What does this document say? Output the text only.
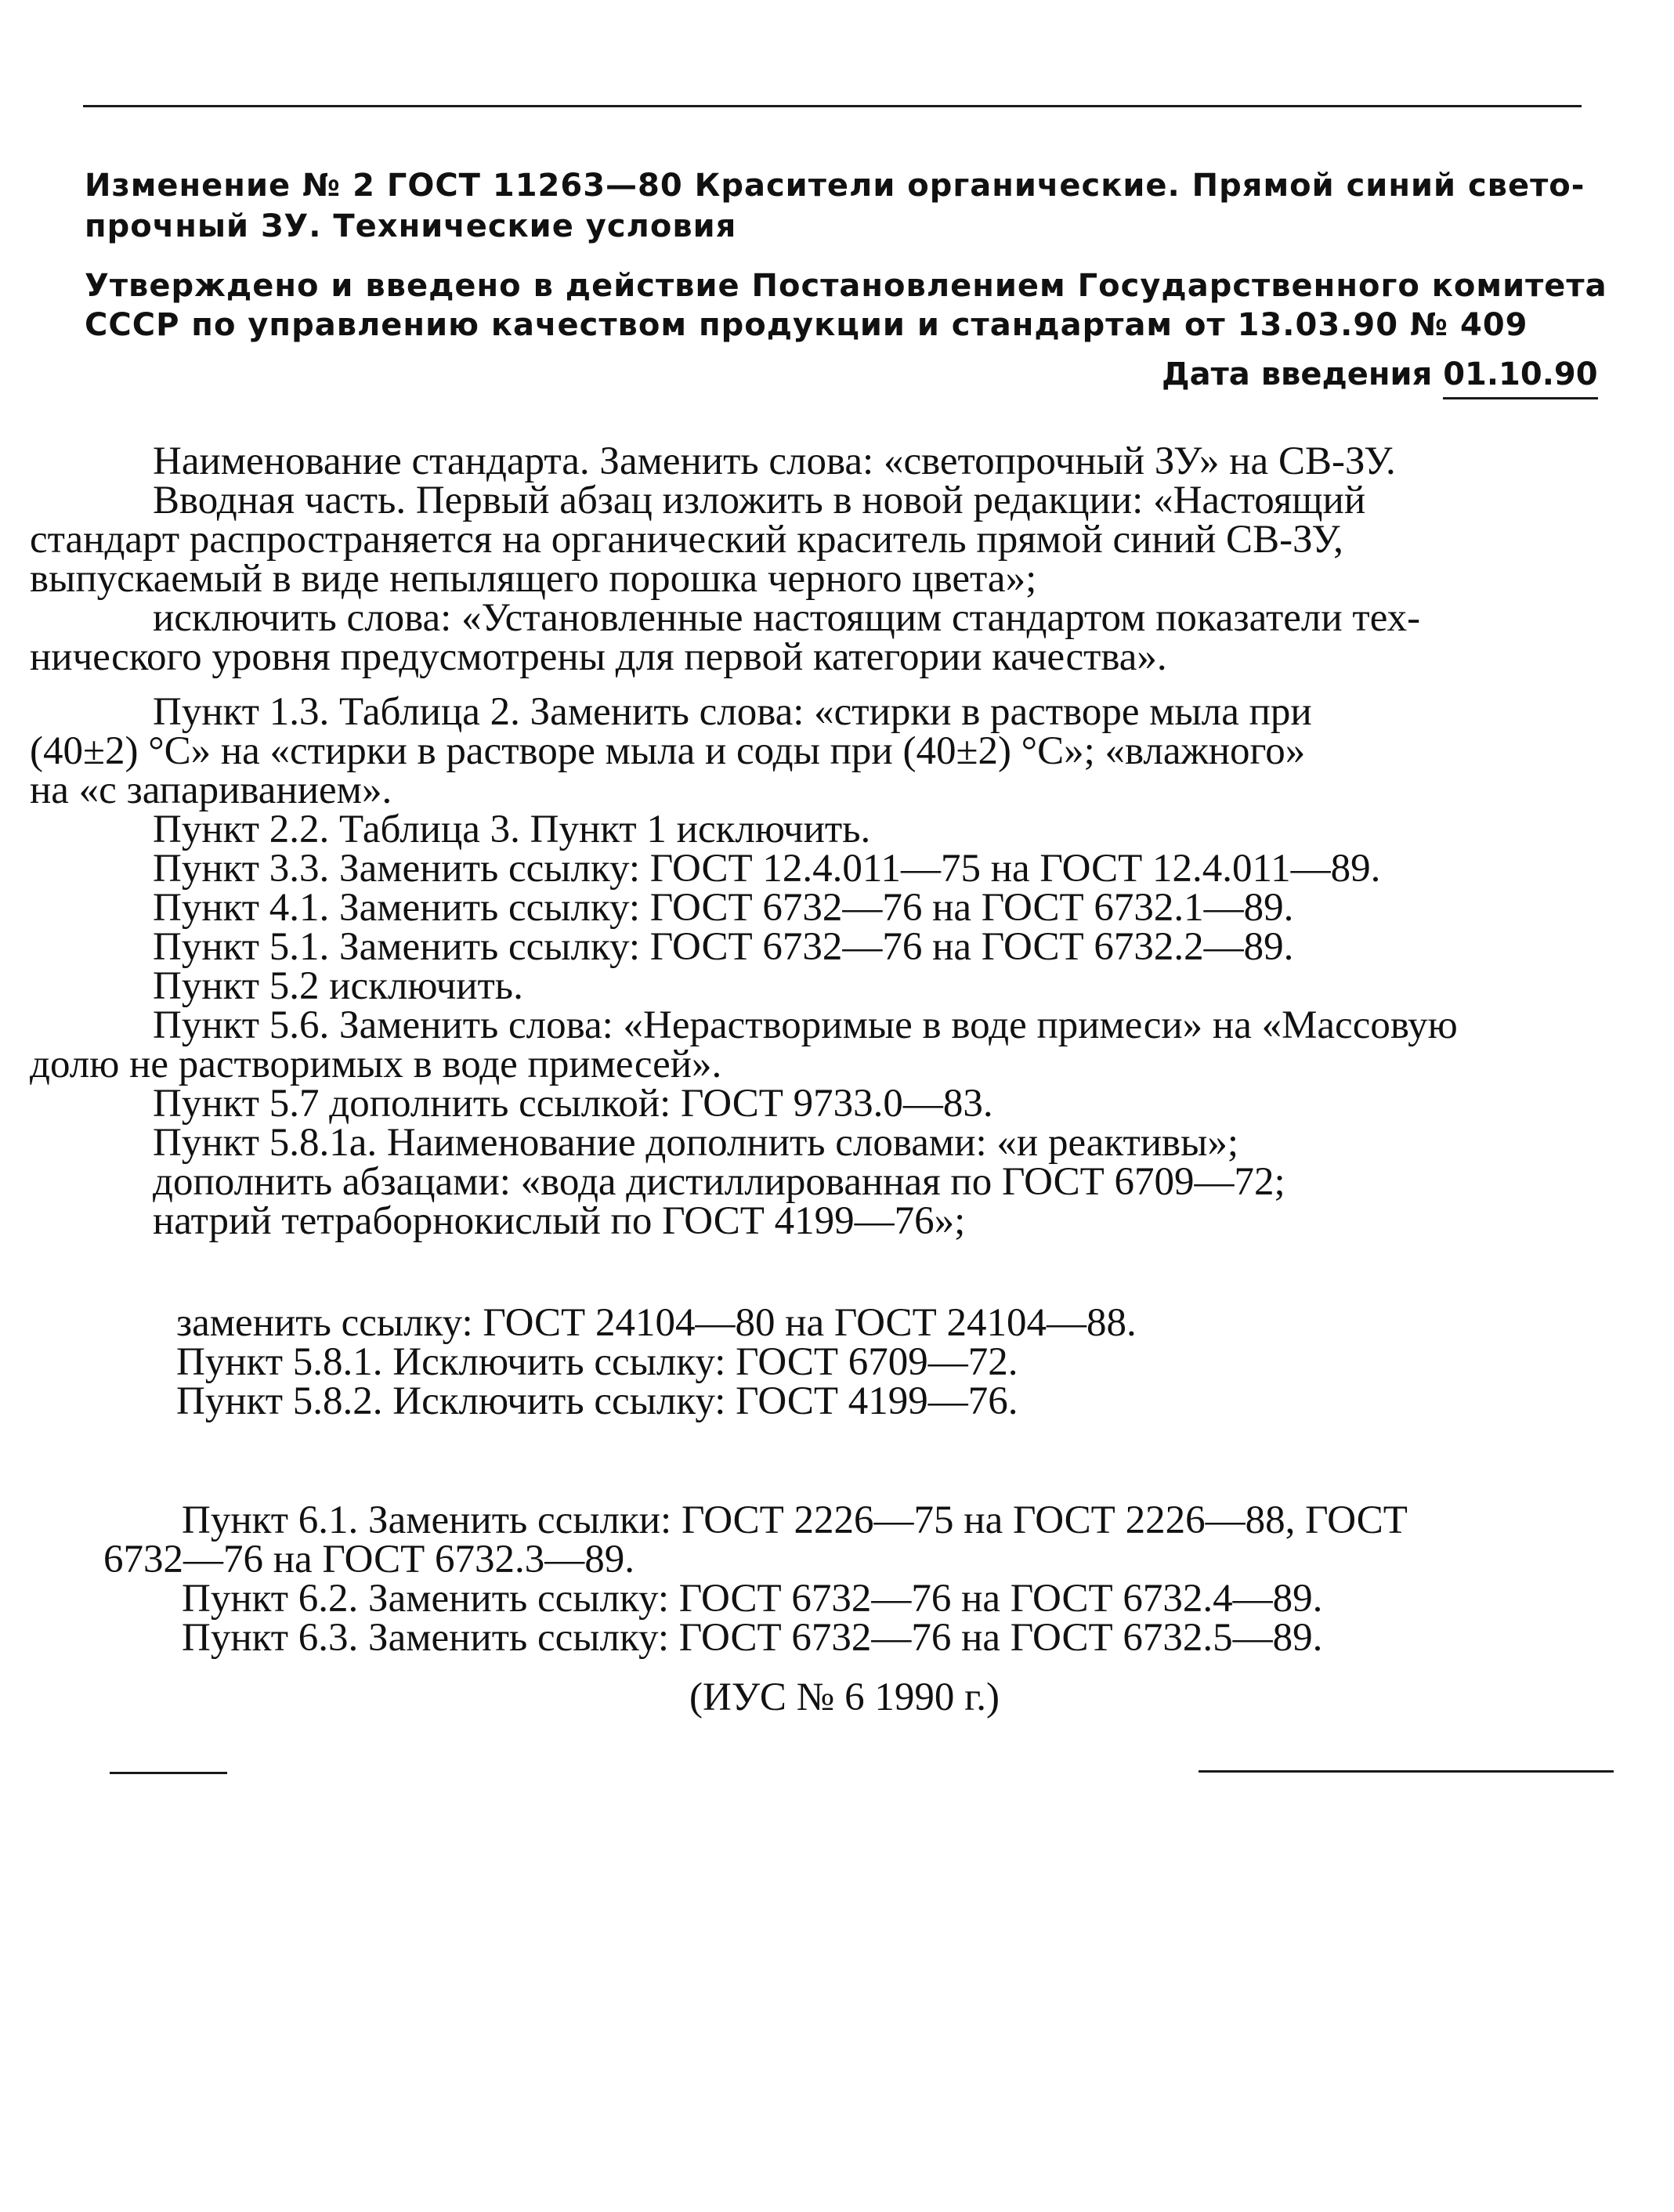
Изменение № 2 ГОСТ 11263—80 Красители органические. Прямой синий свето-
прочный ЗУ. Технические условия
Утверждено и введено в действие Постановлением Государственного комитета
СССР по управлению качеством продукции и стандартам от 13.03.90 № 409
Дата введения 01.10.90
Наименование стандарта. Заменить слова: «светопрочный ЗУ» на СВ-ЗУ.
Вводная часть. Первый абзац изложить в новой редакции: «Настоящий
стандарт распространяется на органический краситель прямой синий СВ-ЗУ,
выпускаемый в виде непылящего порошка черного цвета»;
исключить слова: «Установленные настоящим стандартом показатели тех-
нического уровня предусмотрены для первой категории качества».
Пункт 1.3. Таблица 2. Заменить слова: «стирки в растворе мыла при
(40±2) °С» на «стирки в растворе мыла и соды при (40±2) °С»; «влажного»
на «с запариванием».
Пункт 2.2. Таблица 3. Пункт 1 исключить.
Пункт 3.3. Заменить ссылку: ГОСТ 12.4.011—75 на ГОСТ 12.4.011—89.
Пункт 4.1. Заменить ссылку: ГОСТ 6732—76 на ГОСТ 6732.1—89.
Пункт 5.1. Заменить ссылку: ГОСТ 6732—76 на ГОСТ 6732.2—89.
Пункт 5.2 исключить.
Пункт 5.6. Заменить слова: «Нерастворимые в воде примеси» на «Массовую
долю не растворимых в воде примесей».
Пункт 5.7 дополнить ссылкой: ГОСТ 9733.0—83.
Пункт 5.8.1а. Наименование дополнить словами: «и реактивы»;
дополнить абзацами: «вода дистиллированная по ГОСТ 6709—72;
натрий тетраборнокислый по ГОСТ 4199—76»;
заменить ссылку: ГОСТ 24104—80 на ГОСТ 24104—88.
Пункт 5.8.1. Исключить ссылку: ГОСТ 6709—72.
Пункт 5.8.2. Исключить ссылку: ГОСТ 4199—76.
Пункт 6.1. Заменить ссылки: ГОСТ 2226—75 на ГОСТ 2226—88, ГОСТ
6732—76 на ГОСТ 6732.3—89.
Пункт 6.2. Заменить ссылку: ГОСТ 6732—76 на ГОСТ 6732.4—89.
Пункт 6.3. Заменить ссылку: ГОСТ 6732—76 на ГОСТ 6732.5—89.
(ИУС № 6 1990 г.)
